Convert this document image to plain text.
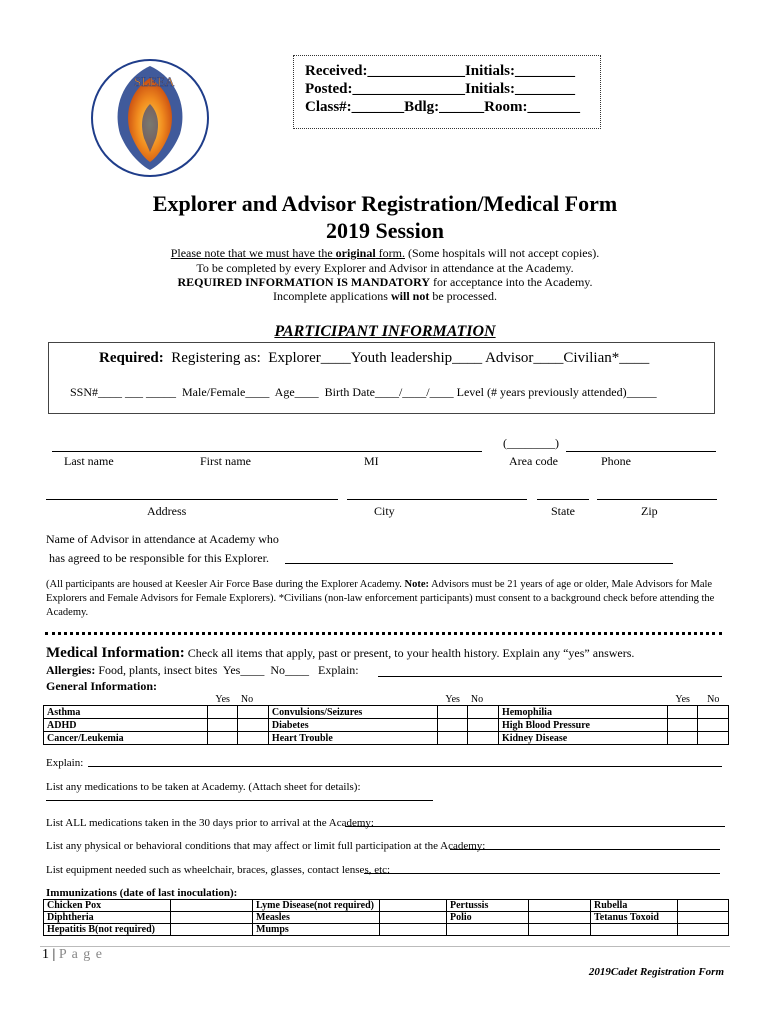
SLEEA
Received:_____________Initials:________
Posted:_______________Initials:________
Class#:_______Bdlg:______Room:_______
Explorer and Advisor Registration/Medical Form
2019 Session
Please note that we must have the original form. (Some hospitals will not accept copies).
To be completed by every Explorer and Advisor in attendance at the Academy.
REQUIRED INFORMATION IS MANDATORY for acceptance into the Academy.
Incomplete applications will not be processed.
PARTICIPANT INFORMATION
Required: Registering as:  Explorer____Youth leadership____ Advisor____Civilian*____
SSN#____ ___ _____  Male/Female____  Age____  Birth Date____/____/____ Level (# years previously attended)_____
(________)
Last name	First name	MI	Area code	Phone
Address	City	State	Zip
Name of Advisor in attendance at Academy who
has agreed to be responsible for this Explorer.
(All participants are housed at Keesler Air Force Base during the Explorer Academy. Note: Advisors must be 21 years of age or older, Male Advisors for Male Explorers and Female Advisors for Female Explorers). *Civilians (non-law enforcement participants) must consent to a background check before attending the Academy.
Medical Information: Check all items that apply, past or present, to your health history. Explain any “yes” answers.
Allergies: Food, plants, insect bites  Yes____  No____   Explain:
General Information:
	Yes	No		Yes	No		Yes	No
Asthma			Convulsions/Seizures			Hemophilia		
ADHD			Diabetes			High Blood Pressure		
Cancer/Leukemia			Heart Trouble			Kidney Disease		
Explain:
List any medications to be taken at Academy. (Attach sheet for details):
List ALL medications taken in the 30 days prior to arrival at the Academy:
List any physical or behavioral conditions that may affect or limit full participation at the Academy:
List equipment needed such as wheelchair, braces, glasses, contact lenses, etc:
Immunizations (date of last inoculation):
Chicken Pox		Lyme Disease(not required)		Pertussis		Rubella	
Diphtheria		Measles		Polio		Tetanus Toxoid	
Hepatitis B(not required)		Mumps					
1 | P a g e
2019Cadet Registration Form
